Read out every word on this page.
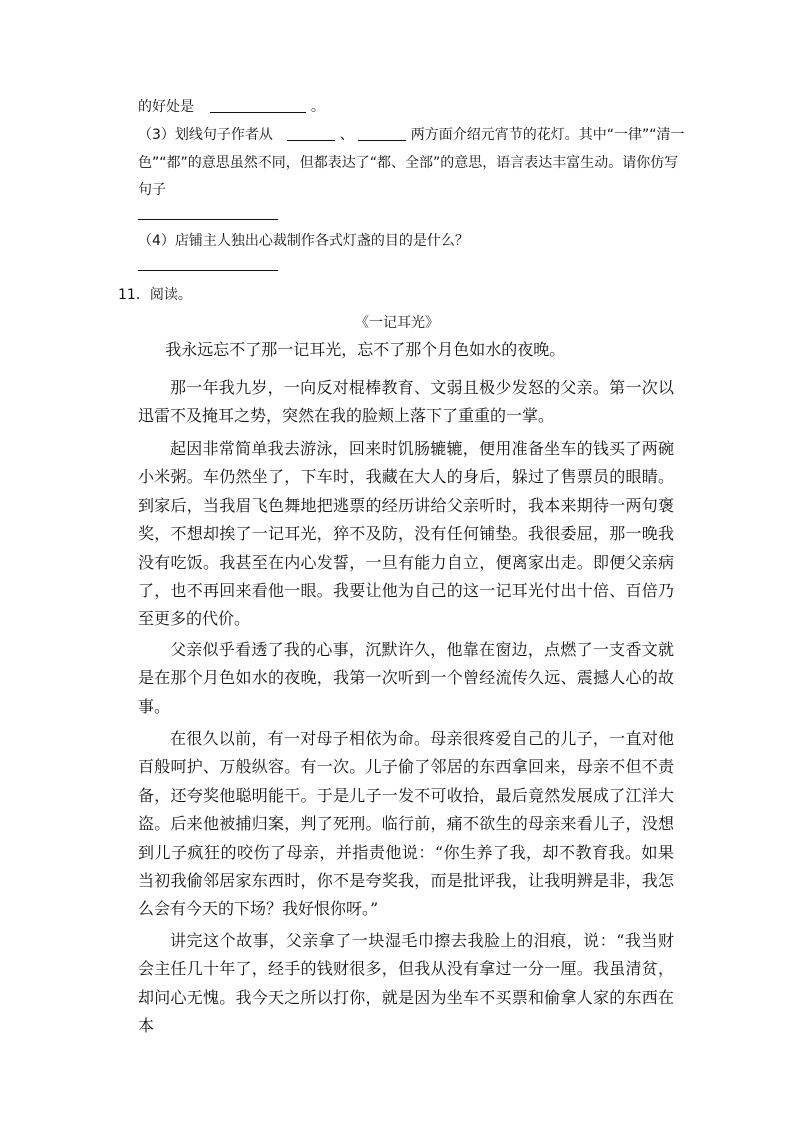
的好处是	。
（3）划线句子作者从	、	两方面介绍元宵节的花灯。其中“一律”“清一
色”“都”的意思虽然不同，但都表达了“都、全部”的意思，语言表达丰富生动。请你仿写
句子
（4）店铺主人独出心裁制作各式灯盏的目的是什么？
11．阅读。
《一记耳光》

我永远忘不了那一记耳光，忘不了那个月色如水的夜晚。

那一年我九岁，一向反对棍棒教育、文弱且极少发怒的父亲。第一次以迅雷不及掩耳之势，突然在我的脸颊上落下了重重的一掌。

起因非常简单我去游泳，回来时饥肠辘辘，便用准备坐车的钱买了两碗小米粥。车仍然坐了，下车时，我藏在大人的身后，躲过了售票员的眼睛。到家后，当我眉飞色舞地把逃票的经历讲给父亲听时，我本来期待一两句褒奖，不想却挨了一记耳光，猝不及防，没有任何铺垫。我很委屈，那一晚我没有吃饭。我甚至在内心发誓，一旦有能力自立，便离家出走。即便父亲病了，也不再回来看他一眼。我要让他为自己的这一记耳光付出十倍、百倍乃至更多的代价。

父亲似乎看透了我的心事，沉默许久，他靠在窗边，点燃了一支香文就是在那个月色如水的夜晚，我第一次听到一个曾经流传久远、震撼人心的故事。

在很久以前，有一对母子相依为命。母亲很疼爱自己的儿子，一直对他百般呵护、万般纵容。有一次。儿子偷了邻居的东西拿回来，母亲不但不责备，还夸奖他聪明能干。于是儿子一发不可收拾，最后竟然发展成了江洋大盗。后来他被捕归案，判了死刑。临行前，痛不欲生的母亲来看儿子，没想到儿子疯狂的咬伤了母亲，并指责他说：“你生养了我，却不教育我。如果当初我偷邻居家东西时，你不是夸奖我，而是批评我，让我明辨是非，我怎么会有今天的下场？我好恨你呀。”

讲完这个故事，父亲拿了一块湿毛巾擦去我脸上的泪痕，说：“我当财会主任几十年了，经手的钱财很多，但我从没有拿过一分一厘。我虽清贫，却问心无愧。我今天之所以打你，就是因为坐车不买票和偷拿人家的东西在本
